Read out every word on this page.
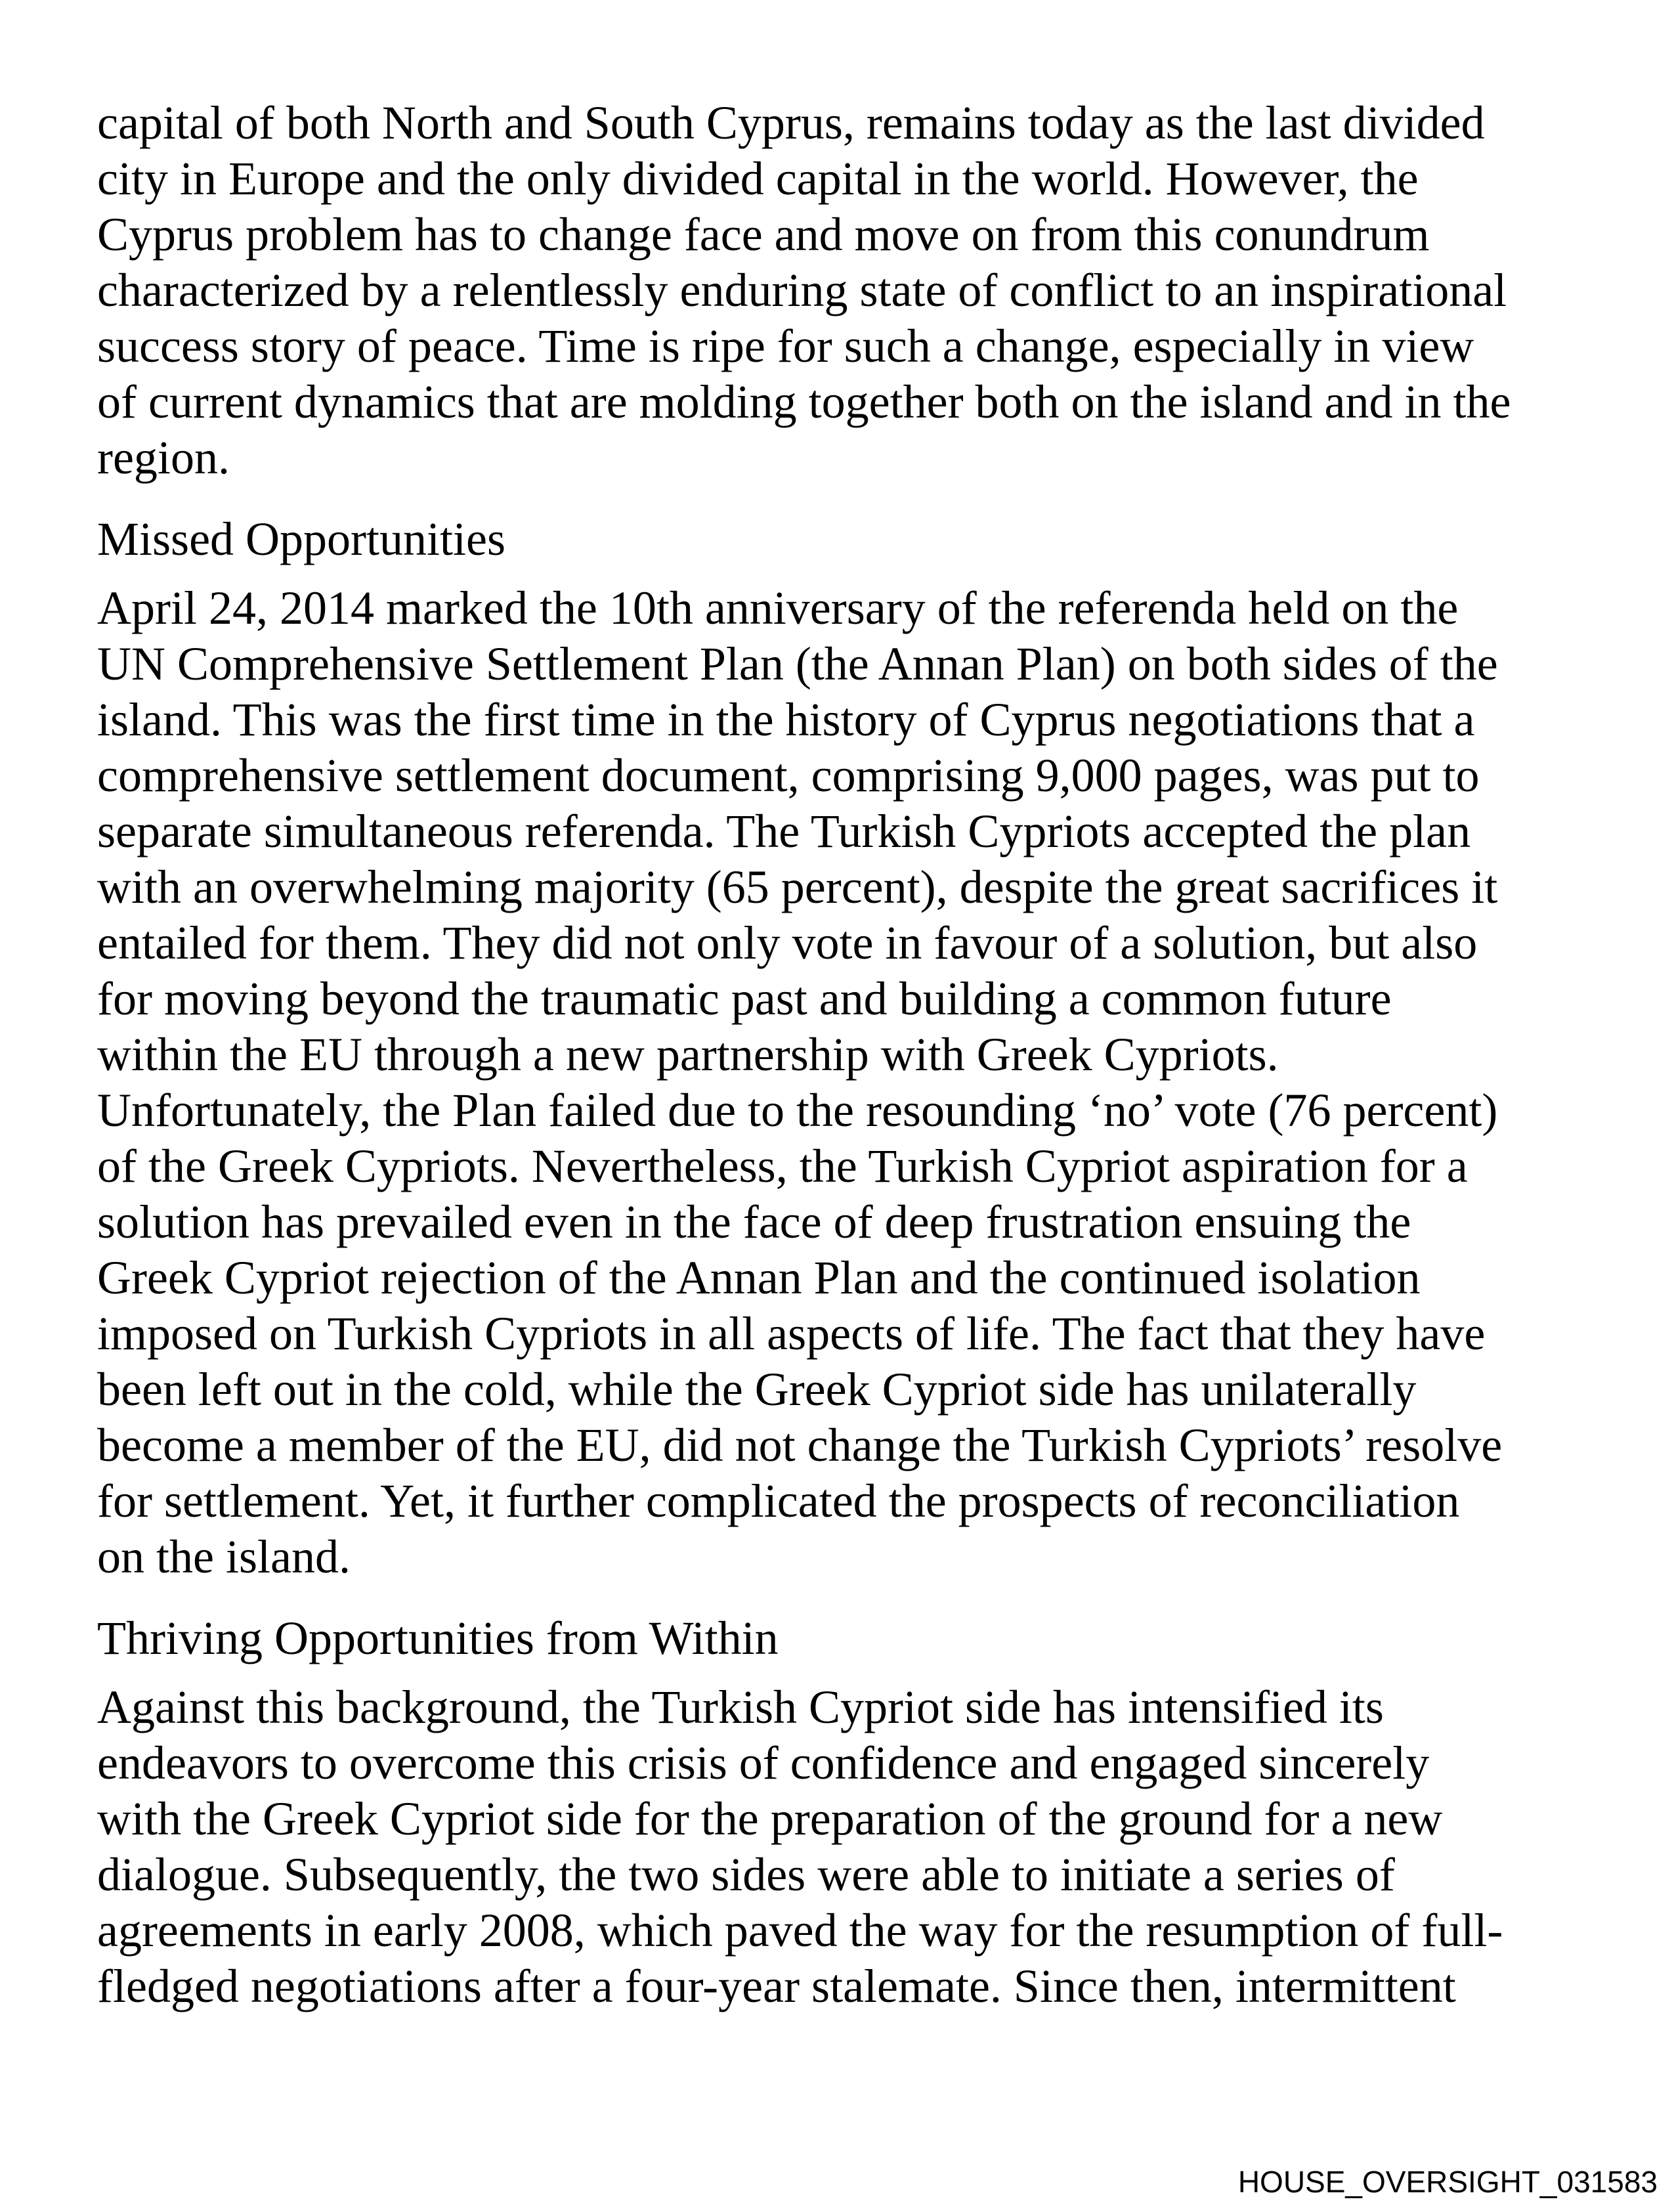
capital of both North and South Cyprus, remains today as the last divided
city in Europe and the only divided capital in the world. However, the
Cyprus problem has to change face and move on from this conundrum
characterized by a relentlessly enduring state of conflict to an inspirational
success story of peace. Time is ripe for such a change, especially in view
of current dynamics that are molding together both on the island and in the
region.
Missed Opportunities
April 24, 2014 marked the 10th anniversary of the referenda held on the
UN Comprehensive Settlement Plan (the Annan Plan) on both sides of the
island. This was the first time in the history of Cyprus negotiations that a
comprehensive settlement document, comprising 9,000 pages, was put to
separate simultaneous referenda. The Turkish Cypriots accepted the plan
with an overwhelming majority (65 percent), despite the great sacrifices it
entailed for them. They did not only vote in favour of a solution, but also
for moving beyond the traumatic past and building a common future
within the EU through a new partnership with Greek Cypriots.
Unfortunately, the Plan failed due to the resounding ‘no’ vote (76 percent)
of the Greek Cypriots. Nevertheless, the Turkish Cypriot aspiration for a
solution has prevailed even in the face of deep frustration ensuing the
Greek Cypriot rejection of the Annan Plan and the continued isolation
imposed on Turkish Cypriots in all aspects of life. The fact that they have
been left out in the cold, while the Greek Cypriot side has unilaterally
become a member of the EU, did not change the Turkish Cypriots’ resolve
for settlement. Yet, it further complicated the prospects of reconciliation
on the island.
Thriving Opportunities from Within
Against this background, the Turkish Cypriot side has intensified its
endeavors to overcome this crisis of confidence and engaged sincerely
with the Greek Cypriot side for the preparation of the ground for a new
dialogue. Subsequently, the two sides were able to initiate a series of
agreements in early 2008, which paved the way for the resumption of full-
fledged negotiations after a four-year stalemate. Since then, intermittent
HOUSE_OVERSIGHT_031583
